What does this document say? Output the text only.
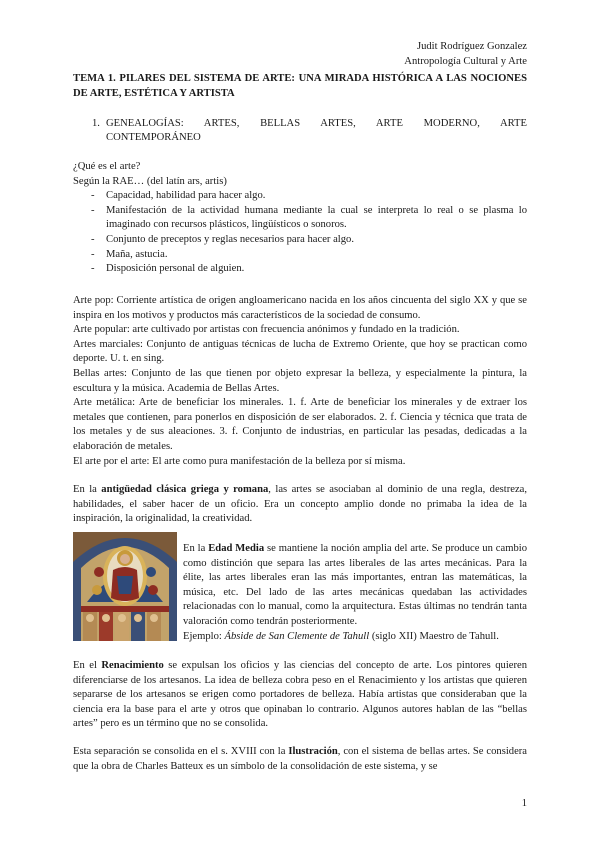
Judit Rodríguez Gonzalez
Antropología Cultural y Arte
TEMA 1. PILARES DEL SISTEMA DE ARTE: UNA MIRADA HISTÓRICA A LAS NOCIONES DE ARTE, ESTÉTICA Y ARTISTA
1. GENEALOGÍAS: ARTES, BELLAS ARTES, ARTE MODERNO, ARTE
CONTEMPORÁNEO
¿Qué es el arte?
Según la RAE… (del latín ars, artis)
- Capacidad, habilidad para hacer algo.
- Manifestación de la actividad humana mediante la cual se interpreta lo real o se plasma lo imaginado con recursos plásticos, lingüísticos o sonoros.
- Conjunto de preceptos y reglas necesarios para hacer algo.
- Maña, astucia.
- Disposición personal de alguien.

Arte pop: Corriente artística de origen angloamericano nacida en los años cincuenta del siglo XX y que se inspira en los motivos y productos más característicos de la sociedad de consumo.

Arte popular: arte cultivado por artistas con frecuencia anónimos y fundado en la tradición.

Artes marciales: Conjunto de antiguas técnicas de lucha de Extremo Oriente, que hoy se practican como deporte. U. t. en sing.

Bellas artes: Conjunto de las que tienen por objeto expresar la belleza, y especialmente la pintura, la escultura y la música. Academia de Bellas Artes.

Arte metálica: Arte de beneficiar los minerales. 1. f. Arte de beneficiar los minerales y de extraer los metales que contienen, para ponerlos en disposición de ser elaborados. 2. f. Ciencia y técnica que trata de los metales y de sus aleaciones. 3. f. Conjunto de industrias, en particular las pesadas, dedicadas a la elaboración de metales.

El arte por el arte: El arte como pura manifestación de la belleza por sí misma.

En la antigüedad clásica griega y romana, las artes se asociaban al dominio de una regla, destreza, habilidades, el saber hacer de un oficio. Era un concepto amplio donde no primaba la idea de la inspiración, la originalidad, la creatividad.

En la Edad Media se mantiene la noción amplia del arte. Se produce un cambio como distinción que separa las artes liberales de las artes mecánicas. Para la élite, las artes liberales eran las más importantes, entran las matemáticas, la música, etc. Del lado de las artes mecánicas quedaban las actividades relacionadas con lo manual, como la arquitectura. Estas últimas no tendrán tanta valoración como tendrán posteriormente.

Ejemplo: Ábside de San Clemente de Tahull (siglo XII) Maestro de Tahull.

En el Renacimiento se expulsan los oficios y las ciencias del concepto de arte. Los pintores quieren diferenciarse de los artesanos. La idea de belleza cobra peso en el Renacimiento y los artistas que quieren separarse de los artesanos se erigen como portadores de belleza. Había artistas que consideraban que la ciencia era la base para el arte y otros que opinaban lo contrario. Algunos autores hablan de las “bellas artes” pero es un término que no se consolida.

Esta separación se consolida en el s. XVIII con la Ilustración, con el sistema de bellas artes. Se considera que la obra de Charles Batteux es un símbolo de la consolidación de este sistema, y se

1
